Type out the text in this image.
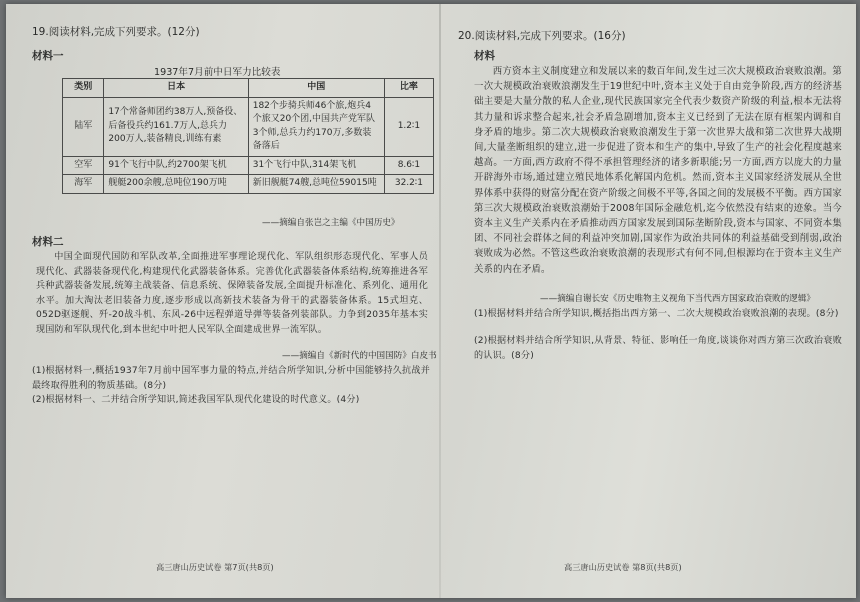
19.阅读材料,完成下列要求。(12分)
材料一
1937年7月前中日军力比较表
类别	日本	中国	比率
陆军	17个常备师团约38万人,预备役、后备役兵约161.7万人,总兵力200万人,装备精良,训练有素	182个步骑兵师46个旅,炮兵4个旅又20个团,中国共产党军队3个师,总兵力约170万,多数装备落后	1.2∶1
空军	91个飞行中队,约2700架飞机	31个飞行中队,314架飞机	8.6∶1
海军	舰艇200余艘,总吨位190万吨	新旧舰艇74艘,总吨位59015吨	32.2∶1
——摘编自张岂之主编《中国历史》
材料二
中国全面现代国防和军队改革,全面推进军事理论现代化、军队组织形态现代化、军事人员现代化、武器装备现代化,构建现代化武器装备体系。完善优化武器装备体系结构,统筹推进各军兵种武器装备发展,统筹主战装备、信息系统、保障装备发展,全面提升标准化、系列化、通用化水平。加大淘汰老旧装备力度,逐步形成以高新技术装备为骨干的武器装备体系。15式坦克、052D驱逐舰、歼-20战斗机、东风-26中远程弹道导弹等装备列装部队。力争到2035年基本实现国防和军队现代化,到本世纪中叶把人民军队全面建成世界一流军队。
——摘编自《新时代的中国国防》白皮书
(1)根据材料一,概括1937年7月前中国军事力量的特点,并结合所学知识,分析中国能够持久抗战并最终取得胜利的物质基础。(8分)
(2)根据材料一、二并结合所学知识,简述我国军队现代化建设的时代意义。(4分)
高三唐山历史试卷 第7页(共8页)
20.阅读材料,完成下列要求。(16分)
材料
西方资本主义制度建立和发展以来的数百年间,发生过三次大规模政治衰败浪潮。第一次大规模政治衰败浪潮发生于19世纪中叶,资本主义处于自由竞争阶段,西方的经济基础主要是大量分散的私人企业,现代民族国家完全代表少数资产阶级的利益,根本无法将其力量和诉求整合起来,社会矛盾急剧增加,资本主义已经到了无法在原有框架内调和自身矛盾的地步。第二次大规模政治衰败浪潮发生于第一次世界大战和第二次世界大战期间,大量垄断组织的建立,进一步促进了资本和生产的集中,导致了生产的社会化程度越来越高。一方面,西方政府不得不承担管理经济的诸多新职能;另一方面,西方以庞大的力量开辟海外市场,通过建立殖民地体系化解国内危机。然而,资本主义国家经济发展从全世界体系中获得的财富分配在资产阶级之间极不平等,各国之间的发展极不平衡。西方国家第三次大规模政治衰败浪潮始于2008年国际金融危机,迄今依然没有结束的迹象。当今资本主义生产关系内在矛盾推动西方国家发展到国际垄断阶段,资本与国家、不同资本集团、不同社会群体之间的利益冲突加剧,国家作为政治共同体的利益基础受到削弱,政治衰败成为必然。不管这些政治衰败浪潮的表现形式有何不同,但根源均在于资本主义生产关系的内在矛盾。
——摘编自谢长安《历史唯物主义视角下当代西方国家政治衰败的逻辑》
(1)根据材料并结合所学知识,概括指出西方第一、二次大规模政治衰败浪潮的表现。(8分)
(2)根据材料并结合所学知识,从背景、特征、影响任一角度,谈谈你对西方第三次政治衰败的认识。(8分)
高三唐山历史试卷 第8页(共8页)
